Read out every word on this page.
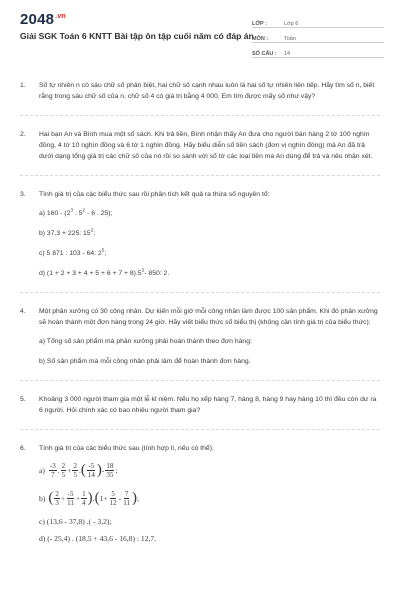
$2048^{.vn}$
Giải SGK Toán 6 KNTT Bài tập ôn tập cuối năm có đáp án
LỚP :	Lớp 6
MÔN :	Toán
SỐ CÂU :	14
1. Số tự nhiên n có sáu chữ số phân biệt, hai chữ số cạnh nhau luôn là hai số tự nhiên liên tiếp. Hãy tìm số n, biết rằng trong sáu chữ số của n, chữ số 4 có giá trị bằng 4 000. Em tìm được mấy số như vậy?
2. Hai bạn An và Bình mua một số sách. Khi trả tiền, Bình nhận thấy An đưa cho người bán hàng 2 tờ 100 nghìn đồng, 4 tờ 10 nghìn đồng và 6 tờ 1 nghìn đồng. Hãy biểu diễn số tiền sách (đơn vị nghìn đồng) mà An đã trả dưới dạng tổng giá trị các chữ số của nó rồi so sánh với số tờ các loại tiền mà An dùng để trả và nêu nhận xét.
3. Tính giá trị của các biểu thức sau rồi phân tích kết quả ra thừa số nguyên tố:
a) $160 - (2^3$ . $5^2 - 6$ . 25);
b) 37.3 + 225: $15^2$;
c) 5 871 : 103 - 64: $2^5$;
d) $(1 + 2 + 3 + 4 + 5 + 6 + 7 + 8).5^2-$ 850: 2.
4. Một phân xưởng có 30 công nhân. Dự kiến mỗi giờ mỗi công nhân làm được 100 sản phẩm. Khi đó phân xưởng sẽ hoàn thành một đơn hàng trong 24 giờ. Hãy viết biểu thức số biểu thị (không cần tính giá trị của biểu thức):
a) Tổng số sản phẩm mà phân xưởng phải hoàn thành theo đơn hàng;
b) Số sản phẩm mà mỗi công nhân phải làm để hoàn thành đơn hàng.
5. Khoảng 3 000 người tham gia một lễ kỉ niệm. Nếu họ xếp hàng 7, hàng 8, hàng 9 hay hàng 10 thì đều còn dư ra 6 người. Hỏi chính xác có bao nhiêu người tham gia?
6. Tính giá trị của các biểu thức sau (tính hợp lí, nếu có thể):
$a) \frac{-3}{7}$ . $\frac{2}{5} + \frac{2}{5}$ . ( $\frac{-5}{14}$ ) - $\frac{18}{35}$ ;
b) ( $\frac{2}{3} + \frac{-5}{11} + \frac{1}{4}$ ) . ( $1+ \frac{5}{12} - \frac{7}{11}$ ) ;
c) (13,6 - 37,8) .( - 3,2);
d) (- 25,4) . (18,5 + 43,6 - 16,8) : 12,7.
